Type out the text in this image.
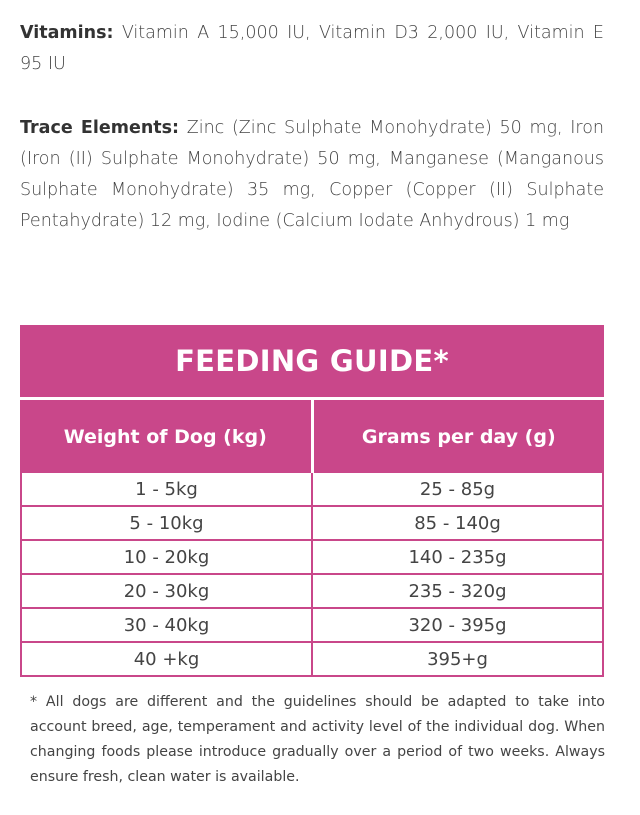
Vitamins: Vitamin A 15,000 IU, Vitamin D3 2,000 IU, Vitamin E 95 IU

Trace Elements: Zinc (Zinc Sulphate Monohydrate) 50 mg, Iron (Iron (II) Sulphate Monohydrate) 50 mg, Manganese (Manganous Sulphate Monohydrate) 35 mg, Copper (Copper (II) Sulphate Pentahydrate) 12 mg, Iodine (Calcium Iodate Anhydrous) 1 mg

FEEDING GUIDE*
Weight of Dog (kg)	Grams per day (g)
1 - 5kg	25 - 85g
5 - 10kg	85 - 140g
10 - 20kg	140 - 235g
20 - 30kg	235 - 320g
30 - 40kg	320 - 395g
40 +kg	395+g

* All dogs are different and the guidelines should be adapted to take into account breed, age, temperament and activity level of the individual dog. When changing foods please introduce gradually over a period of two weeks. Always ensure fresh, clean water is available.
